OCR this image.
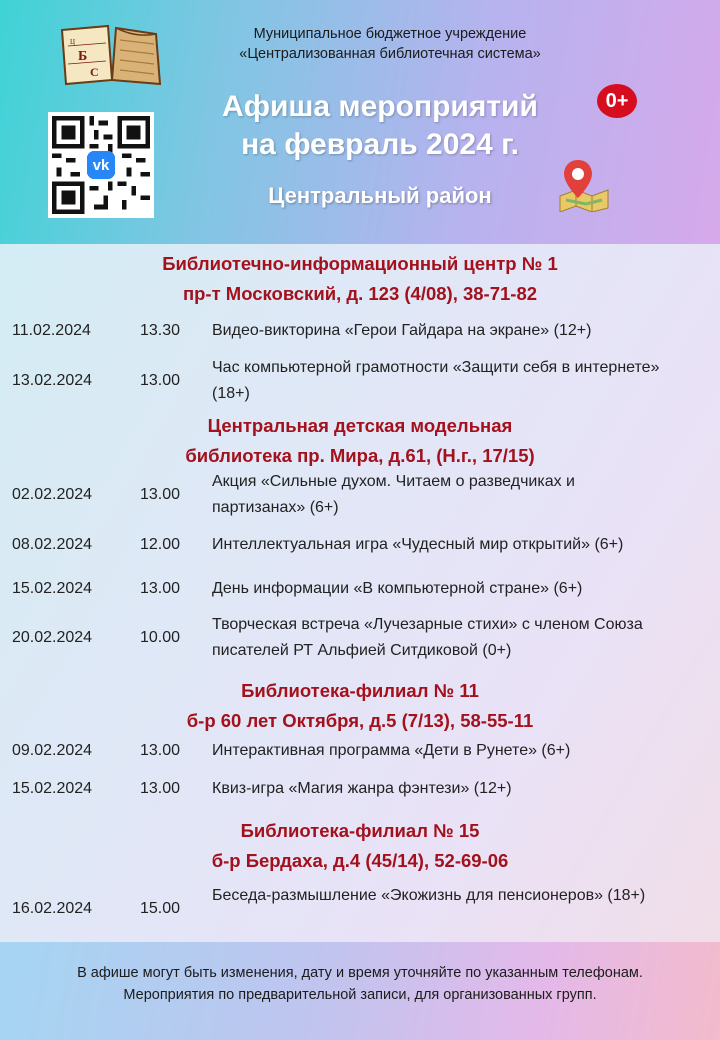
Ц
Б
С
vk
Муниципальное бюджетное учреждение
«Централизованная библиотечная система»
Афиша мероприятий
на февраль 2024 г.
0+
Центральный район
Библиотечно-информационный центр № 1
пр-т Московский, д. 123 (4/08), 38-71-82
11.02.2024	13.30 Видео-викторина «Герои Гайдара на экране» (12+)
13.02.2024	13.00
Час компьютерной грамотности «Защити себя в интернете» (18+)
Центральная детская модельная
библиотека пр. Мира, д.61, (Н.г., 17/15)
02.02.2024	13.00
Акция «Сильные духом. Читаем о разведчиках и партизанах» (6+)
08.02.2024	12.00 Интеллектуальная игра «Чудесный мир открытий» (6+)
15.02.2024	13.00 День информации «В компьютерной стране» (6+)
20.02.2024	10.00
Творческая встреча «Лучезарные стихи» с членом Союза писателей РТ Альфией Ситдиковой (0+)
Библиотека-филиал № 11
б-р 60 лет Октября, д.5 (7/13), 58-55-11
09.02.2024	13.00 Интерактивная программа «Дети в Рунете» (6+)
15.02.2024	13.00 Квиз-игра «Магия жанра фэнтези» (12+)
Библиотека-филиал № 15
б-р Бердаха, д.4 (45/14), 52-69-06
16.02.2024	15.00
Беседа-размышление «Экожизнь для пенсионеров» (18+)
В афише могут быть изменения, дату и время уточняйте по указанным телефонам.
Мероприятия по предварительной записи, для организованных групп.
